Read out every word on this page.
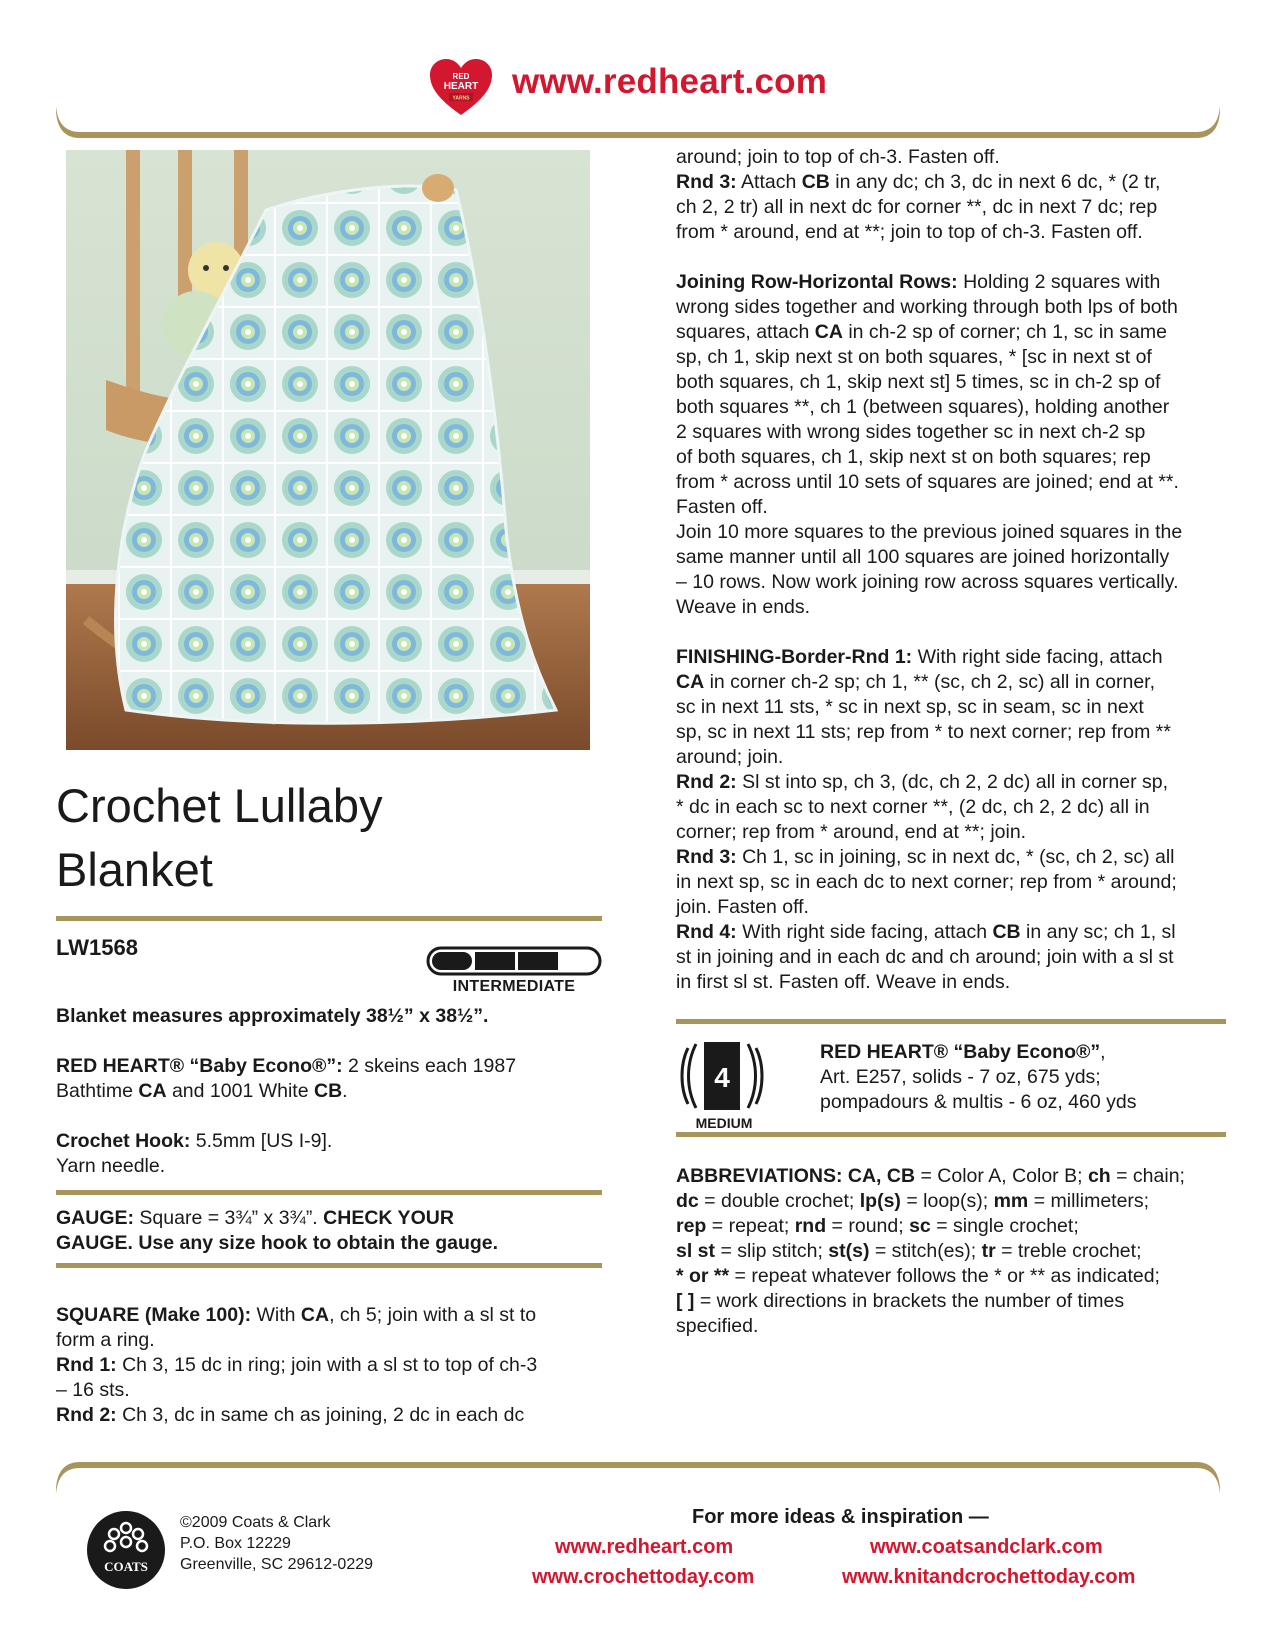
RED
HEART
YARNS www.redheart.com
Crochet Lullaby
Blanket
LW1568
INTERMEDIATE

Blanket measures approximately 38½” x 38½”.

RED HEART® “Baby Econo®”: 2 skeins each 1987

Bathtime CA and 1001 White CB.

Crochet Hook: 5.5mm [US I-9].

Yarn needle.

GAUGE: Square = 3¾” x 3¾”. CHECK YOUR

GAUGE. Use any size hook to obtain the gauge.

SQUARE (Make 100): With CA, ch 5; join with a sl st to

form a ring.

Rnd 1: Ch 3, 15 dc in ring; join with a sl st to top of ch-3

– 16 sts.

Rnd 2: Ch 3, dc in same ch as joining, 2 dc in each dc

around; join to top of ch-3. Fasten off.

Rnd 3: Attach CB in any dc; ch 3, dc in next 6 dc, * (2 tr,

ch 2, 2 tr) all in next dc for corner **, dc in next 7 dc; rep

from * around, end at **; join to top of ch-3. Fasten off.

Joining Row-Horizontal Rows: Holding 2 squares with

wrong sides together and working through both lps of both

squares, attach CA in ch-2 sp of corner; ch 1, sc in same

sp, ch 1, skip next st on both squares, * [sc in next st of

both squares, ch 1, skip next st] 5 times, sc in ch-2 sp of

both squares **, ch 1 (between squares), holding another

2 squares with wrong sides together sc in next ch-2 sp

of both squares, ch 1, skip next st on both squares; rep

from * across until 10 sets of squares are joined; end at **.

Fasten off.

Join 10 more squares to the previous joined squares in the

same manner until all 100 squares are joined horizontally

– 10 rows. Now work joining row across squares vertically.

Weave in ends.

FINISHING-Border-Rnd 1: With right side facing, attach

CA in corner ch-2 sp; ch 1, ** (sc, ch 2, sc) all in corner,

sc in next 11 sts, * sc in next sp, sc in seam, sc in next

sp, sc in next 11 sts; rep from * to next corner; rep from **

around; join.

Rnd 2: Sl st into sp, ch 3, (dc, ch 2, 2 dc) all in corner sp,

* dc in each sc to next corner **, (2 dc, ch 2, 2 dc) all in

corner; rep from * around, end at **; join.

Rnd 3: Ch 1, sc in joining, sc in next dc, * (sc, ch 2, sc) all

in next sp, sc in each dc to next corner; rep from * around;

join. Fasten off.

Rnd 4: With right side facing, attach CB in any sc; ch 1, sl

st in joining and in each dc and ch around; join with a sl st

in first sl st. Fasten off. Weave in ends.

4
MEDIUM

RED HEART® “Baby Econo®”,

Art. E257, solids - 7 oz, 675 yds;

pompadours & multis - 6 oz, 460 yds

ABBREVIATIONS: CA, CB = Color A, Color B; ch = chain;

dc = double crochet; lp(s) = loop(s); mm = millimeters;

rep = repeat; rnd = round; sc = single crochet;

sl st = slip stitch; st(s) = stitch(es); tr = treble crochet;

* or ** = repeat whatever follows the * or ** as indicated;

[ ] = work directions in brackets the number of times

specified.

COATS
©2009 Coats & Clark
P.O. Box 12229
Greenville, SC 29612-0229
For more ideas & inspiration —
www.redheart.com	www.coatsandclark.com
www.crochettoday.com	www.knitandcrochettoday.com
